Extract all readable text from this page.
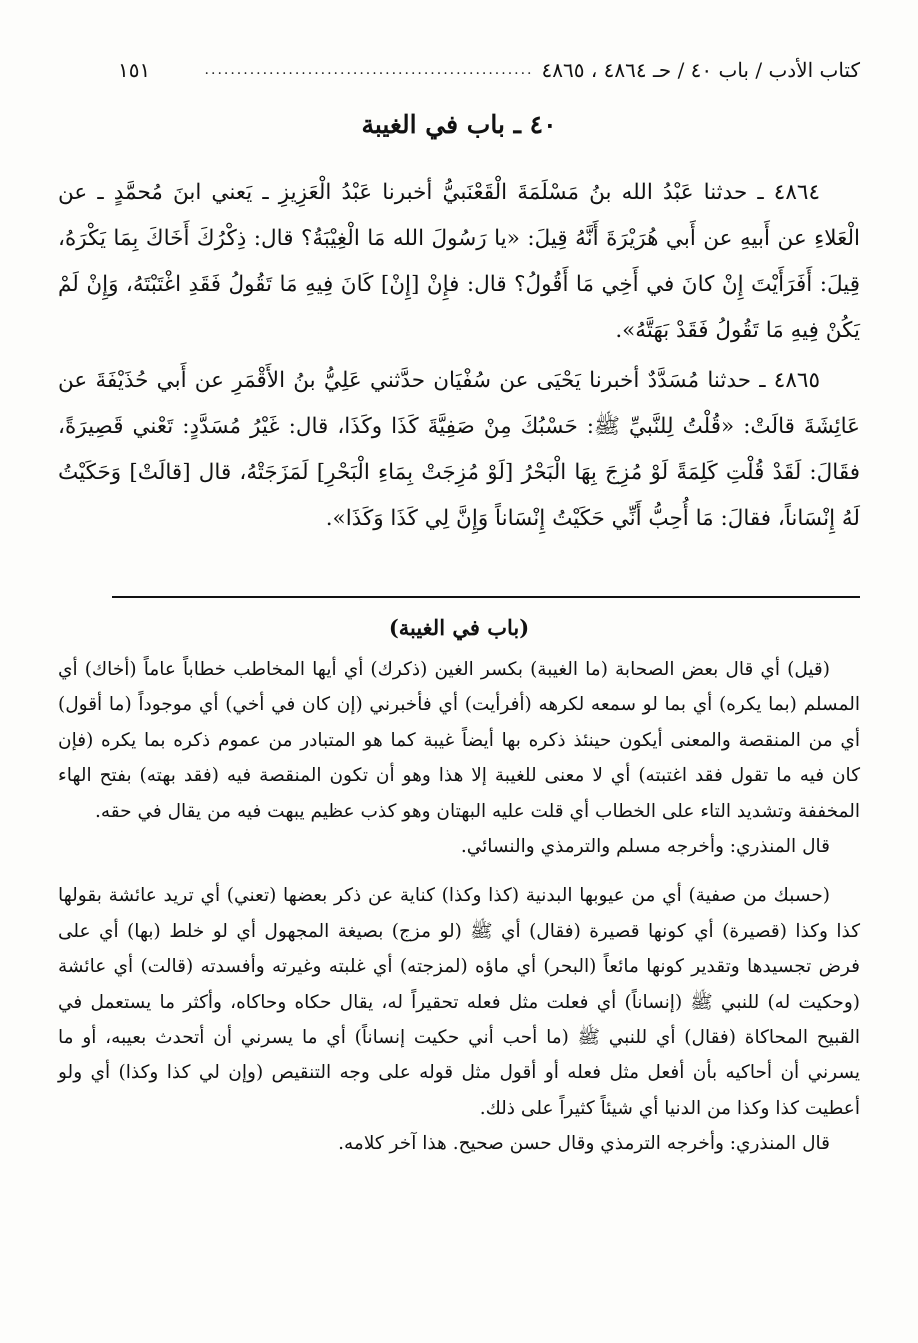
كتاب الأدب / باب ٤٠ / حـ ٤٨٦٤ ، ٤٨٦٥
...................................................
١٥١
٤٠ ـ باب في الغيبة

٤٨٦٤ ـ حدثنا عَبْدُ الله بنُ مَسْلَمَةَ الْقَعْنَبيُّ أخبرنا عَبْدُ الْعَزِيزِ ـ يَعني ابنَ مُحمَّدٍ ـ عن الْعَلاءِ عن أَبيهِ عن أَبي هُرَيْرَةَ أَنَّهُ قِيلَ: «يا رَسُولَ الله مَا الْغِيْبَةُ؟ قال: ذِكْرُكَ أَخَاكَ بِمَا يَكْرَهُ، قِيلَ: أَفَرَأَيْتَ إِنْ كانَ في أَخِي مَا أَقُولُ؟ قال: فإِنْ [إِنْ] كَانَ فِيهِ مَا تَقُولُ فَقَدِ اغْتَبْتَهُ، وَإِنْ لَمْ يَكُنْ فِيهِ مَا تَقُولُ فَقَدْ بَهَتَّهُ».

٤٨٦٥ ـ حدثنا مُسَدَّدٌ أخبرنا يَحْيَى عن سُفْيَان حدَّثني عَلِيُّ بنُ الأَقْمَرِ عن أَبي حُذَيْفَةَ عن عَائِشَةَ قالَتْ: «قُلْتُ لِلنَّبيِّ ﷺ: حَسْبُكَ مِنْ صَفِيَّةَ كَذَا وكَذَا، قال: غَيْرُ مُسَدَّدٍ: تَعْني قَصِيرَةً، فقَالَ: لَقَدْ قُلْتِ كَلِمَةً لَوْ مُزِجَ بِهَا الْبَحْرُ [لَوْ مُزِجَتْ بِمَاءِ الْبَحْرِ] لَمَزَجَتْهُ، قال [قالَتْ] وَحَكَيْتُ لَهُ إِنْسَاناً، فقالَ: مَا أُحِبُّ أَنِّي حَكَيْتُ إِنْسَاناً وَإِنَّ لِي كَذَا وَكَذَا».

(باب في الغيبة)

(قيل) أي قال بعض الصحابة (ما الغيبة) بكسر الغين (ذكرك) أي أيها المخاطب خطاباً عاماً (أخاك) أي المسلم (بما يكره) أي بما لو سمعه لكرهه (أفرأيت) أي فأخبرني (إن كان في أخي) أي موجوداً (ما أقول) أي من المنقصة والمعنى أيكون حينئذ ذكره بها أيضاً غيبة كما هو المتبادر من عموم ذكره بما يكره (فإن كان فيه ما تقول فقد اغتبته) أي لا معنى للغيبة إلا هذا وهو أن تكون المنقصة فيه (فقد بهته) بفتح الهاء المخففة وتشديد التاء على الخطاب أي قلت عليه البهتان وهو كذب عظيم يبهت فيه من يقال في حقه.

قال المنذري: وأخرجه مسلم والترمذي والنسائي.

(حسبك من صفية) أي من عيوبها البدنية (كذا وكذا) كناية عن ذكر بعضها (تعني) أي تريد عائشة بقولها كذا وكذا (قصيرة) أي كونها قصيرة (فقال) أي ﷺ (لو مزج) بصيغة المجهول أي لو خلط (بها) أي على فرض تجسيدها وتقدير كونها مائعاً (البحر) أي ماؤه (لمزجته) أي غلبته وغيرته وأفسدته (قالت) أي عائشة (وحكيت له) للنبي ﷺ (إنساناً) أي فعلت مثل فعله تحقيراً له، يقال حكاه وحاكاه، وأكثر ما يستعمل في القبيح المحاكاة (فقال) أي للنبي ﷺ (ما أحب أني حكيت إنساناً) أي ما يسرني أن أتحدث بعيبه، أو ما يسرني أن أحاكيه بأن أفعل مثل فعله أو أقول مثل قوله على وجه التنقيص (وإن لي كذا وكذا) أي ولو أعطيت كذا وكذا من الدنيا أي شيئاً كثيراً على ذلك.

قال المنذري: وأخرجه الترمذي وقال حسن صحيح. هذا آخر كلامه.
